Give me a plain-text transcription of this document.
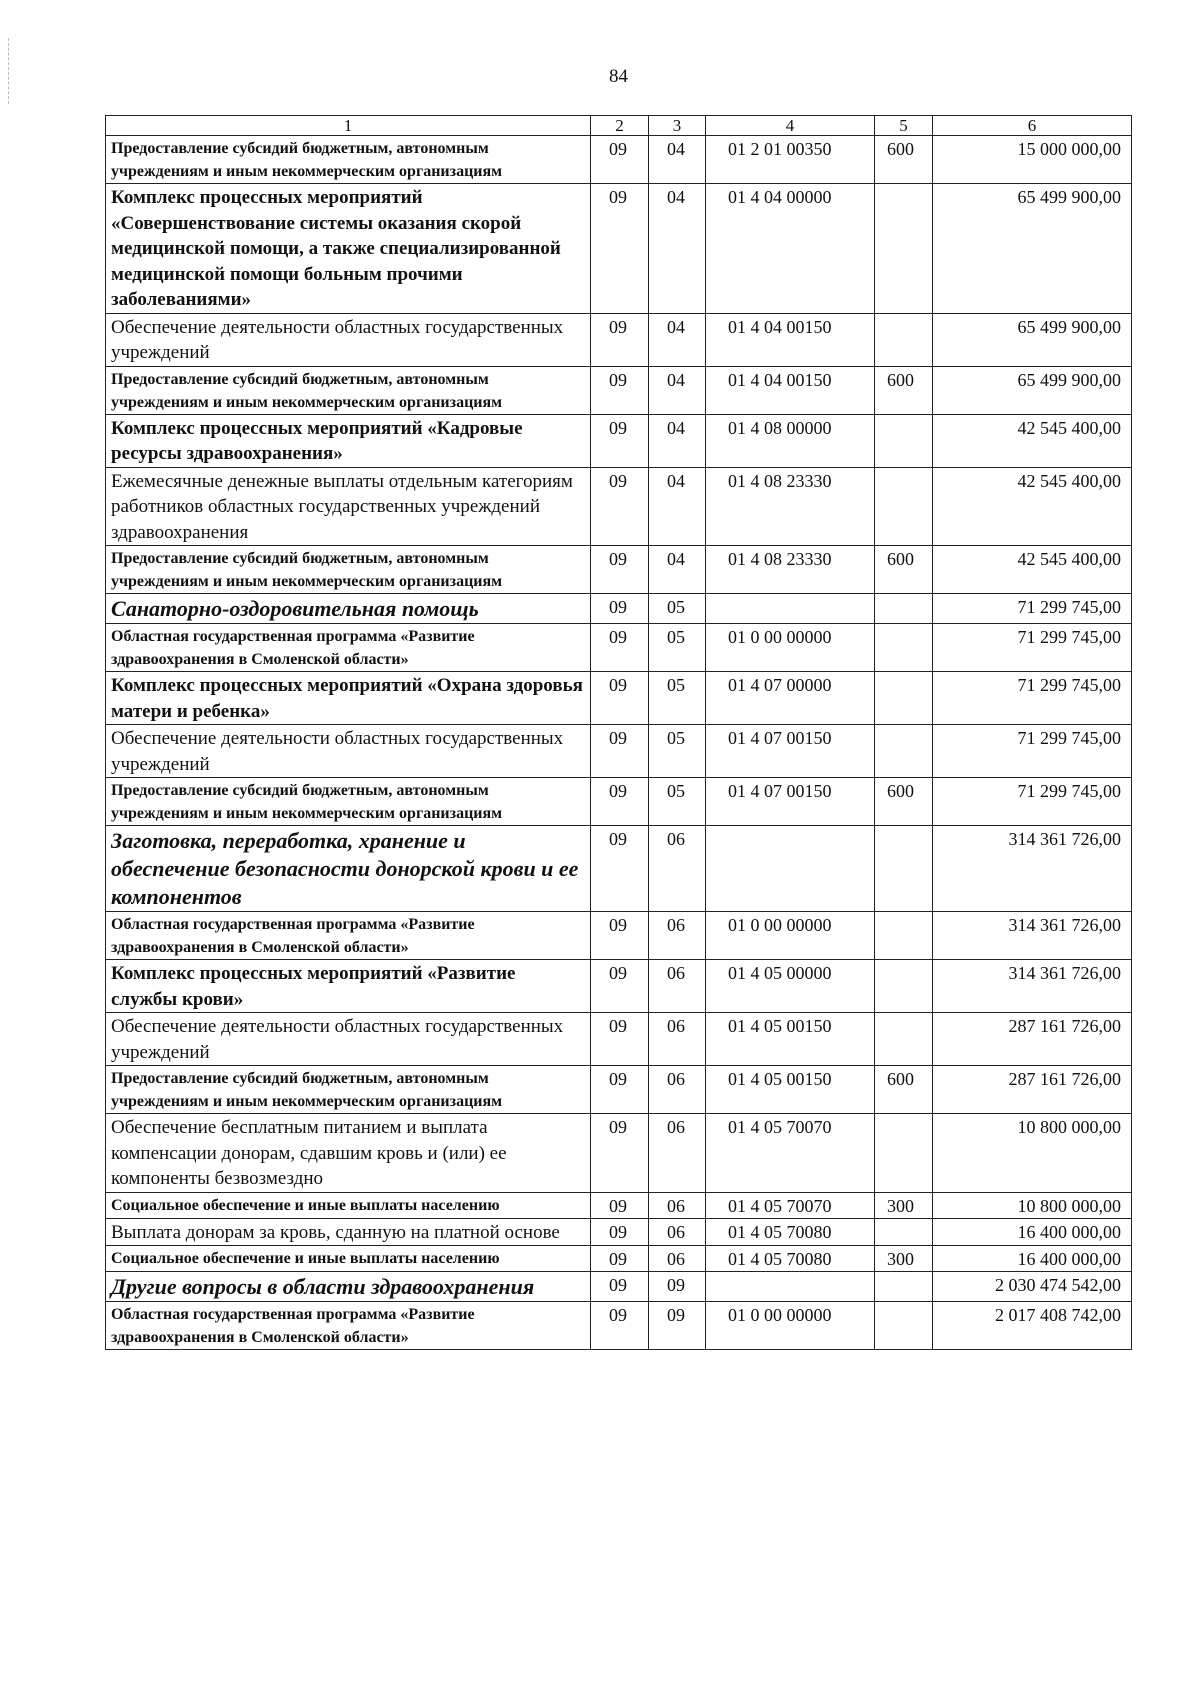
84
1	2	3	4	5	6
Предоставление субсидий бюджетным, автономным учреждениям и иным некоммерческим организациям	09	04	01 2 01 00350	600	15 000 000,00
Комплекс процессных мероприятий «Совершенствование системы оказания скорой медицинской помощи, а также специализированной медицинской помощи больным прочими заболеваниями»	09	04	01 4 04 00000		65 499 900,00
Обеспечение деятельности областных государственных учреждений	09	04	01 4 04 00150		65 499 900,00
Предоставление субсидий бюджетным, автономным учреждениям и иным некоммерческим организациям	09	04	01 4 04 00150	600	65 499 900,00
Комплекс процессных мероприятий «Кадровые ресурсы здравоохранения»	09	04	01 4 08 00000		42 545 400,00
Ежемесячные денежные выплаты отдельным категориям работников областных государственных учреждений здравоохранения	09	04	01 4 08 23330		42 545 400,00
Предоставление субсидий бюджетным, автономным учреждениям и иным некоммерческим организациям	09	04	01 4 08 23330	600	42 545 400,00
Санаторно-оздоровительная помощь	09	05			71 299 745,00
Областная государственная программа «Развитие здравоохранения в Смоленской области»	09	05	01 0 00 00000		71 299 745,00
Комплекс процессных мероприятий «Охрана здоровья матери и ребенка»	09	05	01 4 07 00000		71 299 745,00
Обеспечение деятельности областных государственных учреждений	09	05	01 4 07 00150		71 299 745,00
Предоставление субсидий бюджетным, автономным учреждениям и иным некоммерческим организациям	09	05	01 4 07 00150	600	71 299 745,00
Заготовка, переработка, хранение и обеспечение безопасности донорской крови и ее компонентов	09	06			314 361 726,00
Областная государственная программа «Развитие здравоохранения в Смоленской области»	09	06	01 0 00 00000		314 361 726,00
Комплекс процессных мероприятий «Развитие службы крови»	09	06	01 4 05 00000		314 361 726,00
Обеспечение деятельности областных государственных учреждений	09	06	01 4 05 00150		287 161 726,00
Предоставление субсидий бюджетным, автономным учреждениям и иным некоммерческим организациям	09	06	01 4 05 00150	600	287 161 726,00
Обеспечение бесплатным питанием и выплата компенсации донорам, сдавшим кровь и (или) ее компоненты безвозмездно	09	06	01 4 05 70070		10 800 000,00
Социальное обеспечение и иные выплаты населению	09	06	01 4 05 70070	300	10 800 000,00
Выплата донорам за кровь, сданную на платной основе	09	06	01 4 05 70080		16 400 000,00
Социальное обеспечение и иные выплаты населению	09	06	01 4 05 70080	300	16 400 000,00
Другие вопросы в области здравоохранения	09	09			2 030 474 542,00
Областная государственная программа «Развитие здравоохранения в Смоленской области»	09	09	01 0 00 00000		2 017 408 742,00
